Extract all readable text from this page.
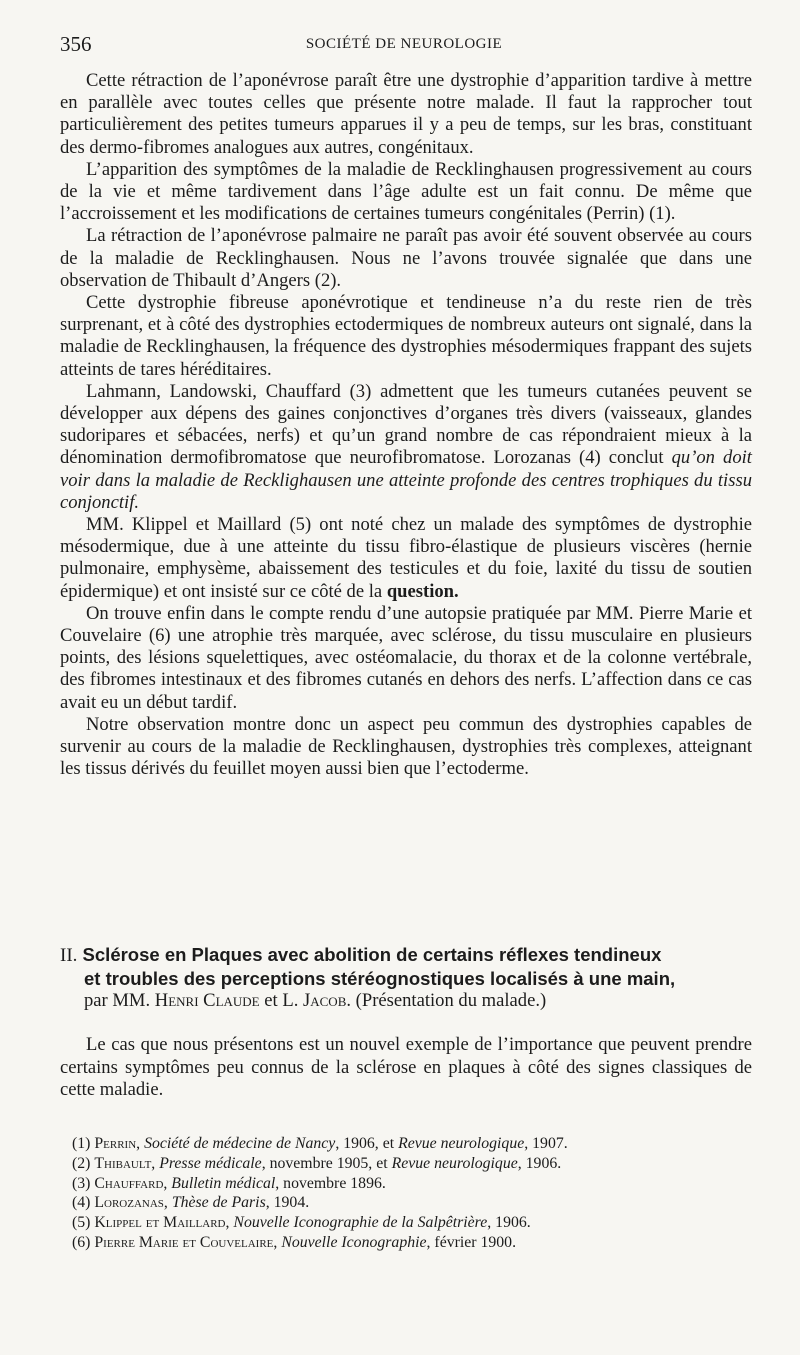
356	SOCIÉTÉ DE NEUROLOGIE

Cette rétraction de l’aponévrose paraît être une dystrophie d’apparition tardive à mettre en parallèle avec toutes celles que présente notre malade. Il faut la rapprocher tout particulièrement des petites tumeurs apparues il y a peu de temps, sur les bras, constituant des dermo-fibromes analogues aux autres, congénitaux.

L’apparition des symptômes de la maladie de Recklinghausen progressivement au cours de la vie et même tardivement dans l’âge adulte est un fait connu. De même que l’accroissement et les modifications de certaines tumeurs congénitales (Perrin) (1).

La rétraction de l’aponévrose palmaire ne paraît pas avoir été souvent observée au cours de la maladie de Recklinghausen. Nous ne l’avons trouvée signalée que dans une observation de Thibault d’Angers (2).

Cette dystrophie fibreuse aponévrotique et tendineuse n’a du reste rien de très surprenant, et à côté des dystrophies ectodermiques de nombreux auteurs ont signalé, dans la maladie de Recklinghausen, la fréquence des dystrophies mésodermiques frappant des sujets atteints de tares héréditaires.

Lahmann, Landowski, Chauffard (3) admettent que les tumeurs cutanées peuvent se développer aux dépens des gaines conjonctives d’organes très divers (vaisseaux, glandes sudoripares et sébacées, nerfs) et qu’un grand nombre de cas répondraient mieux à la dénomination dermofibromatose que neurofibromatose. Lorozanas (4) conclut qu’on doit voir dans la maladie de Recklighausen une atteinte profonde des centres trophiques du tissu conjonctif.

MM. Klippel et Maillard (5) ont noté chez un malade des symptômes de dystrophie mésodermique, due à une atteinte du tissu fibro-élastique de plusieurs viscères (hernie pulmonaire, emphysème, abaissement des testicules et du foie, laxité du tissu de soutien épidermique) et ont insisté sur ce côté de la question.

On trouve enfin dans le compte rendu d’une autopsie pratiquée par MM. Pierre Marie et Couvelaire (6) une atrophie très marquée, avec sclérose, du tissu musculaire en plusieurs points, des lésions squelettiques, avec ostéomalacie, du thorax et de la colonne vertébrale, des fibromes intestinaux et des fibromes cutanés en dehors des nerfs. L’affection dans ce cas avait eu un début tardif.

Notre observation montre donc un aspect peu commun des dystrophies capables de survenir au cours de la maladie de Recklinghausen, dystrophies très complexes, atteignant les tissus dérivés du feuillet moyen aussi bien que l’ectoderme.

II. Sclérose en Plaques avec abolition de certains réflexes tendineux
et troubles des perceptions stéréognostiques localisés à une main,

par MM. Henri Claude et L. Jacob. (Présentation du malade.)

Le cas que nous présentons est un nouvel exemple de l’importance que peuvent prendre certains symptômes peu connus de la sclérose en plaques à côté des signes classiques de cette maladie.

(1) Perrin, Société de médecine de Nancy, 1906, et Revue neurologique, 1907.

(2) Thibault, Presse médicale, novembre 1905, et Revue neurologique, 1906.

(3) Chauffard, Bulletin médical, novembre 1896.

(4) Lorozanas, Thèse de Paris, 1904.

(5) Klippel et Maillard, Nouvelle Iconographie de la Salpêtrière, 1906.

(6) Pierre Marie et Couvelaire, Nouvelle Iconographie, février 1900.
